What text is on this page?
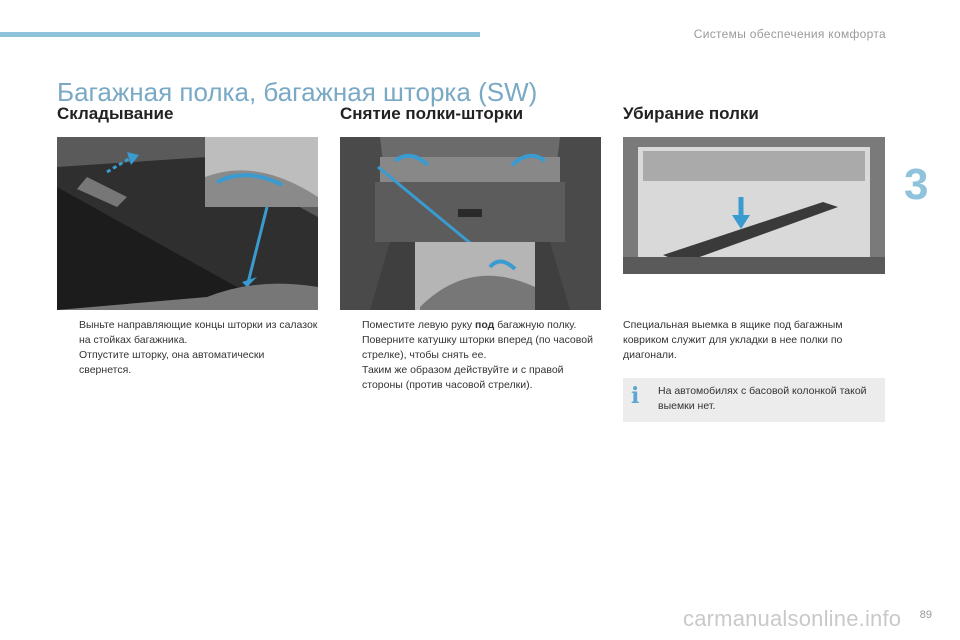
Системы обеспечения комфорта
3
Багажная полка, багажная шторка (SW)
Складывание
Выньте направляющие концы шторки из салазок на стойках багажника.
Отпустите шторку, она автоматически свернется.
Снятие полки-шторки
Поместите левую руку под багажную полку.
Поверните катушку шторки вперед (по часовой стрелке), чтобы снять ее.
Таким же образом действуйте и с правой стороны (против часовой стрелки).
Убирание полки
Специальная выемка в ящике под багажным ковриком служит для укладки в нее полки по диагонали.
i	На автомобилях с басовой колонкой такой выемки нет.
carmanualsonline.info 89
